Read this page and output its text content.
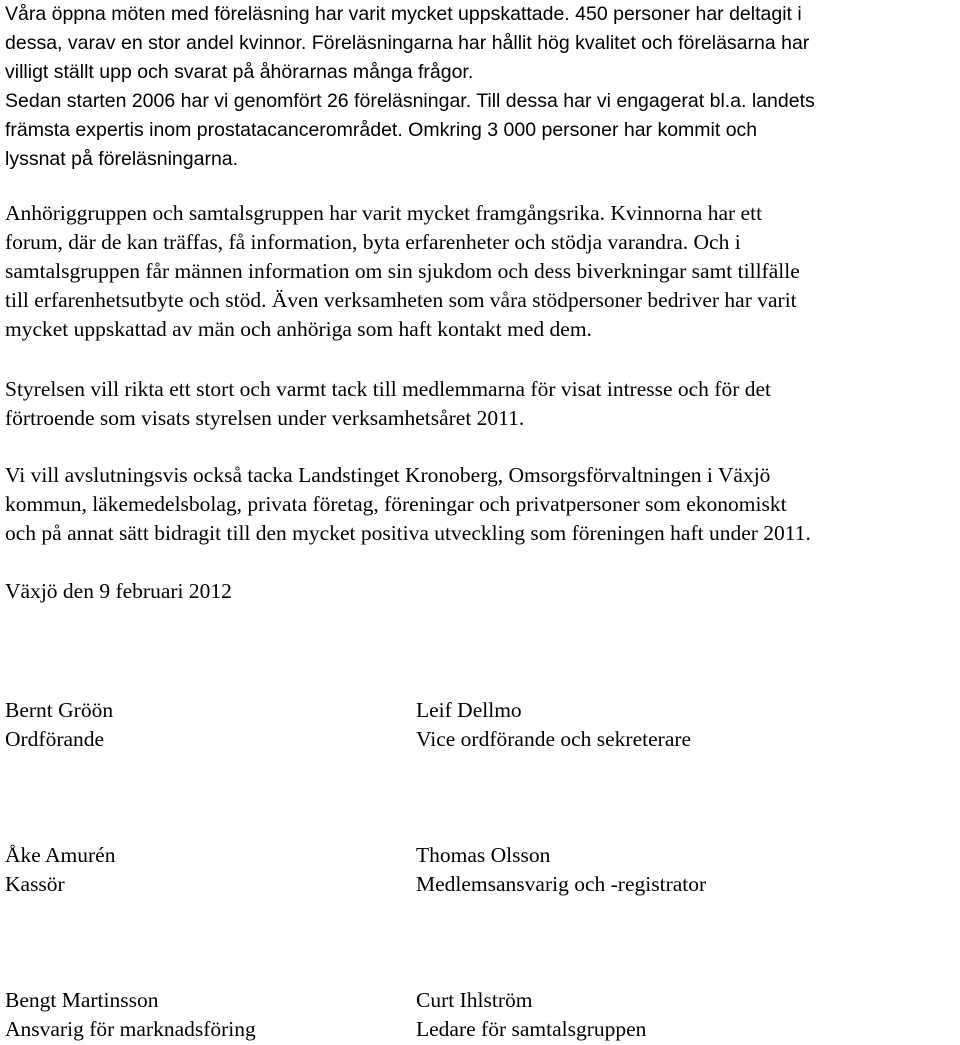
Våra öppna möten med föreläsning har varit mycket uppskattade. 450 personer har deltagit i
dessa, varav en stor andel kvinnor. Föreläsningarna har hållit hög kvalitet och föreläsarna har
villigt ställt upp och svarat på åhörarnas många frågor.

Sedan starten 2006 har vi genomfört 26 föreläsningar. Till dessa har vi engagerat bl.a. landets
främsta expertis inom prostatacancerområdet. Omkring 3 000 personer har kommit och
lyssnat på föreläsningarna.

Anhöriggruppen och samtalsgruppen har varit mycket framgångsrika. Kvinnorna har ett
forum, där de kan träffas, få information, byta erfarenheter och stödja varandra. Och i
samtalsgruppen får männen information om sin sjukdom och dess biverkningar samt tillfälle
till erfarenhetsutbyte och stöd. Även verksamheten som våra stödpersoner bedriver har varit
mycket uppskattad av män och anhöriga som haft kontakt med dem.

Styrelsen vill rikta ett stort och varmt tack till medlemmarna för visat intresse och för det
förtroende som visats styrelsen under verksamhetsåret 2011.

Vi vill avslutningsvis också tacka Landstinget Kronoberg, Omsorgsförvaltningen i Växjö
kommun, läkemedelsbolag, privata företag, föreningar och privatpersoner som ekonomiskt
och på annat sätt bidragit till den mycket positiva utveckling som föreningen haft under 2011.

Växjö den 9 februari 2012

Bernt Gröön
Ordförande

Leif Dellmo
Vice ordförande och sekreterare

Åke Amurén
Kassör

Thomas Olsson
Medlemsansvarig och -registrator

Bengt Martinsson
Ansvarig för marknadsföring

Curt Ihlström
Ledare för samtalsgruppen
